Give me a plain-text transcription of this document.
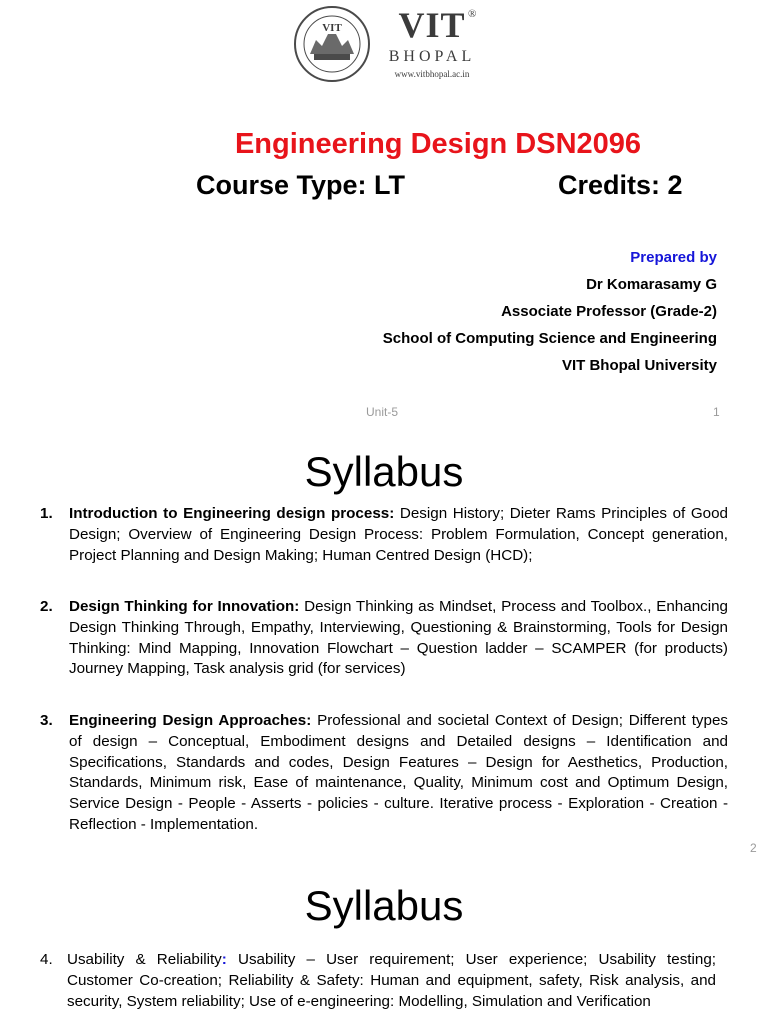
VIT	VIT ®
BHOPAL
www.vitbhopal.ac.in
Engineering Design DSN2096
Course Type: LT	Credits: 2
Prepared by
Dr Komarasamy G
Associate Professor (Grade-2)
School of Computing Science and Engineering
VIT Bhopal University
Unit-5	1
Syllabus
1. Introduction to Engineering design process: Design History; Dieter Rams Principles of Good Design; Overview of Engineering Design Process: Problem Formulation, Concept generation, Project Planning and Design Making; Human Centred Design (HCD);
2. Design Thinking for Innovation: Design Thinking as Mindset, Process and Toolbox., Enhancing Design Thinking Through, Empathy, Interviewing, Questioning & Brainstorming, Tools for Design Thinking: Mind Mapping, Innovation Flowchart – Question ladder – SCAMPER (for products) Journey Mapping, Task analysis grid (for services)
3. Engineering Design Approaches: Professional and societal Context of Design; Different types of design – Conceptual, Embodiment designs and Detailed designs – Identification and Specifications, Standards and codes, Design Features – Design for Aesthetics, Production, Standards, Minimum risk, Ease of maintenance, Quality, Minimum cost and Optimum Design, Service Design - People - Asserts - policies - culture. Iterative process - Exploration - Creation - Reflection - Implementation.
2
Syllabus
4. Usability & Reliability: Usability – User requirement; User experience; Usability testing; Customer Co-creation; Reliability & Safety: Human and equipment, safety, Risk analysis, and security, System reliability; Use of e-engineering: Modelling, Simulation and Verification
